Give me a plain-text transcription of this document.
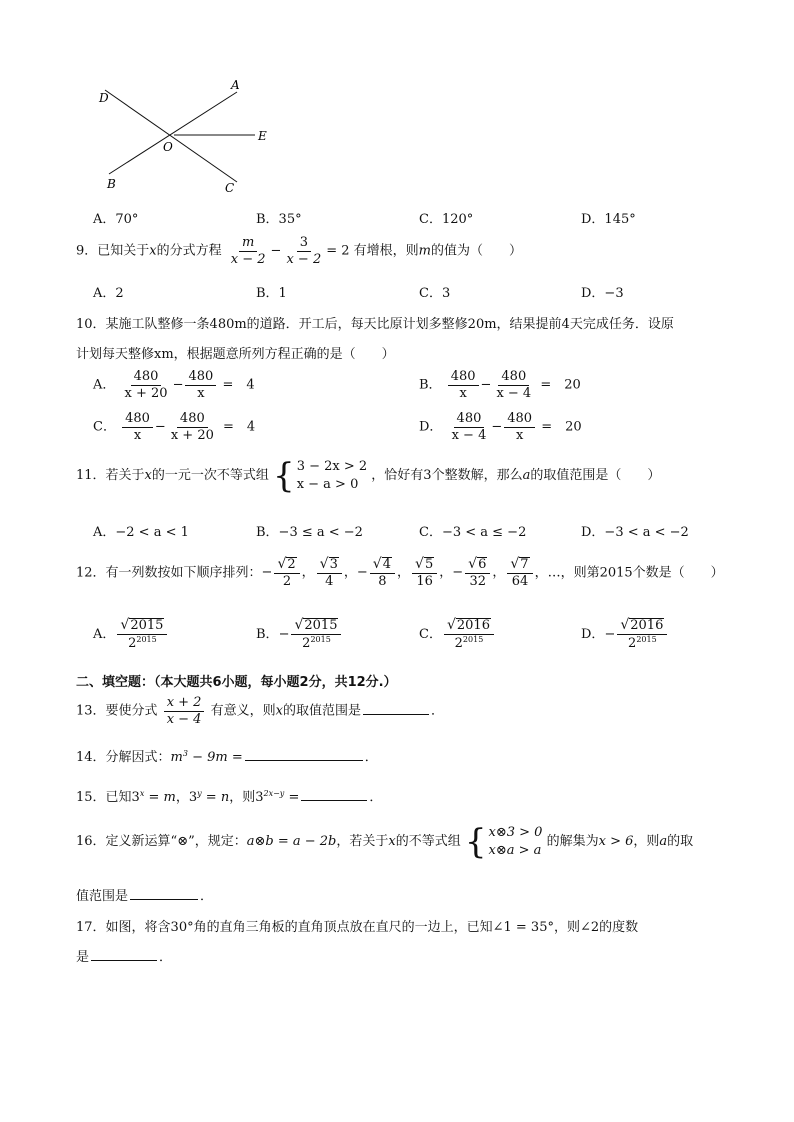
D
A
O
E
B	C
A．70°	B．35°	C．120°	D．145°
9．已知关于x的分式方程 $\frac{m}{x - 2} - \frac{3}{x - 2} = 2$ 有增根，则m的值为（　　）
A．2	B．1	C．3	D．−3
10．某施工队整修一条480m的道路．开工后，每天比原计划多整修20m，结果提前4天完成任务．设原
计划每天整修xm，根据题意所列方程正确的是（　　）
A． $\frac{480}{x + 20} - \frac{480}{x}$ =　4	B． $\frac{480}{x} - \frac{480}{x - 4}$ =　20
C． $\frac{480}{x} - \frac{480}{x + 20}$ =　4	D． $\frac{480}{x - 4} - \frac{480}{x}$ =　20
11．若关于x的一元一次不等式组 { 3 − 2x > 2
x − a > 0
，恰好有3个整数解，那么a的取值范围是（　　）
A．−2 < a < 1	B．−3 ≤ a < −2	C．−3 < a ≤ −2	D．−3 < a < −2
12．有一列数按如下顺序排列：− $\frac{√ 2}{2}$ ， $\frac{√ 3}{4}$ ，− $\frac{√ 4}{8}$ ， $\frac{√ 5}{16}$ ，− $\frac{√ 6}{32}$ ， $\frac{√ 7}{64}$ ，…，则第2015个数是（　　）
A． $\frac{√ 2015}{2^{2015}}$	B．− $\frac{√ 2015}{2^{2015}}$	C． $\frac{√ 2016}{2^{2015}}$	D．− $\frac{√ 2016}{2^{2015}}$
二、填空题：（本大题共6小题，每小题2分，共12分.）
13．要使分式 $\frac{x + 2}{x - 4}$ 有意义，则x的取值范围是	．
14．分解因式：$m^3 - 9m$ =	．
15．已知$3^x = m$，$3^y = n$，则$3^{2x-y}$ =	．
16．定义新运算“⊗”，规定：a⊗b = a − 2b，若关于x的不等式组 { x⊗3 > 0
x⊗a > a
的解集为x > 6，则a的取
值范围是	．
17．如图，将含30°角的直角三角板的直角顶点放在直尺的一边上，已知∠1 = 35°，则∠2的度数
是	．
